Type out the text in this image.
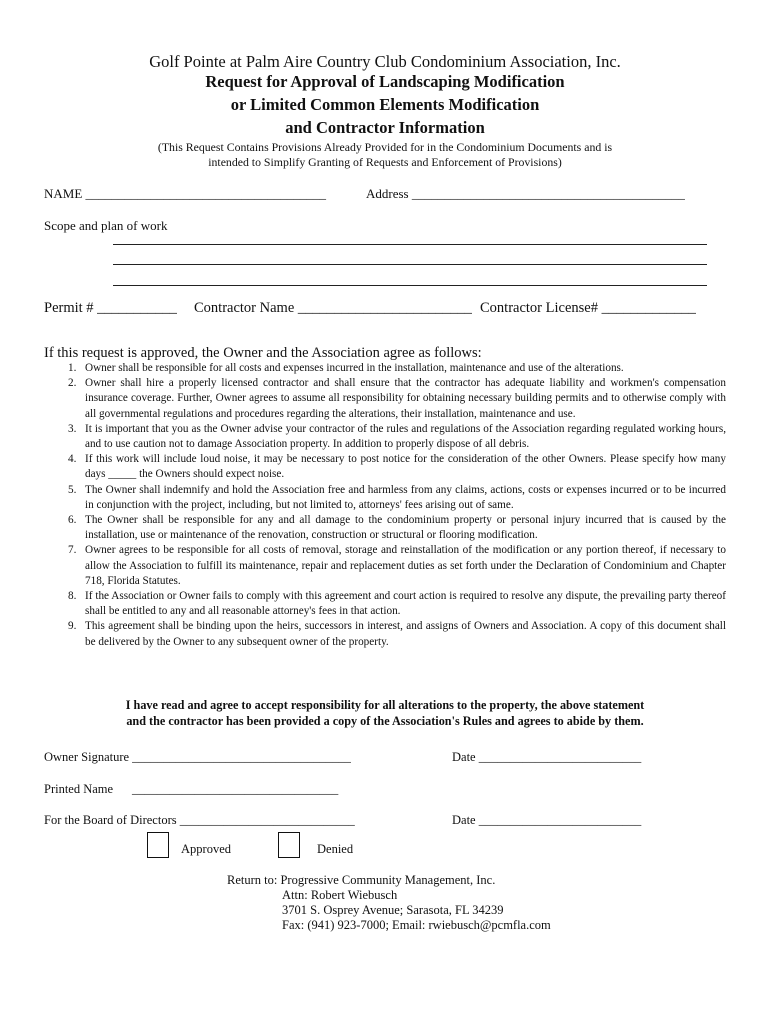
Golf Pointe at Palm Aire Country Club Condominium Association, Inc.
Request for Approval of Landscaping Modification
or Limited Common Elements Modification
and Contractor Information
(This Request Contains Provisions Already Provided for in the Condominium Documents and is
intended to Simplify Granting of Requests and Enforcement of Provisions)
NAME _____________________________________	Address __________________________________________
Scope and plan of work
Permit # ___________ Contractor Name ________________________ Contractor License# _____________
If this request is approved, the Owner and the Association agree as follows:
1. Owner shall be responsible for all costs and expenses incurred in the installation, maintenance and use of the alterations.
2. Owner shall hire a properly licensed contractor and shall ensure that the contractor has adequate liability and workmen's compensation insurance coverage. Further, Owner agrees to assume all responsibility for obtaining necessary building permits and to otherwise comply with all governmental regulations and procedures regarding the alterations, their installation, maintenance and use.
3. It is important that you as the Owner advise your contractor of the rules and regulations of the Association regarding regulated working hours, and to use caution not to damage Association property. In addition to properly dispose of all debris.
4. If this work will include loud noise, it may be necessary to post notice for the consideration of the other Owners. Please specify how many days _____ the Owners should expect noise.
5. The Owner shall indemnify and hold the Association free and harmless from any claims, actions, costs or expenses incurred or to be incurred in conjunction with the project, including, but not limited to, attorneys' fees arising out of same.
6. The Owner shall be responsible for any and all damage to the condominium property or personal injury incurred that is caused by the installation, use or maintenance of the renovation, construction or structural or flooring modification.
7. Owner agrees to be responsible for all costs of removal, storage and reinstallation of the modification or any portion thereof, if necessary to allow the Association to fulfill its maintenance, repair and replacement duties as set forth under the Declaration of Condominium and Chapter 718, Florida Statutes.
8. If the Association or Owner fails to comply with this agreement and court action is required to resolve any dispute, the prevailing party thereof shall be entitled to any and all reasonable attorney's fees in that action.
9. This agreement shall be binding upon the heirs, successors in interest, and assigns of Owners and Association. A copy of this document shall be delivered by the Owner to any subsequent owner of the property.
I have read and agree to accept responsibility for all alterations to the property, the above statement
and the contractor has been provided a copy of the Association's Rules and agrees to abide by them.
Owner Signature ___________________________________	Date __________________________
Printed Name _________________________________
For the Board of Directors ____________________________	Date __________________________
Approved	Denied
Return to: Progressive Community Management, Inc.
Attn: Robert Wiebusch
3701 S. Osprey Avenue; Sarasota, FL 34239
Fax: (941) 923-7000; Email: rwiebusch@pcmfla.com
